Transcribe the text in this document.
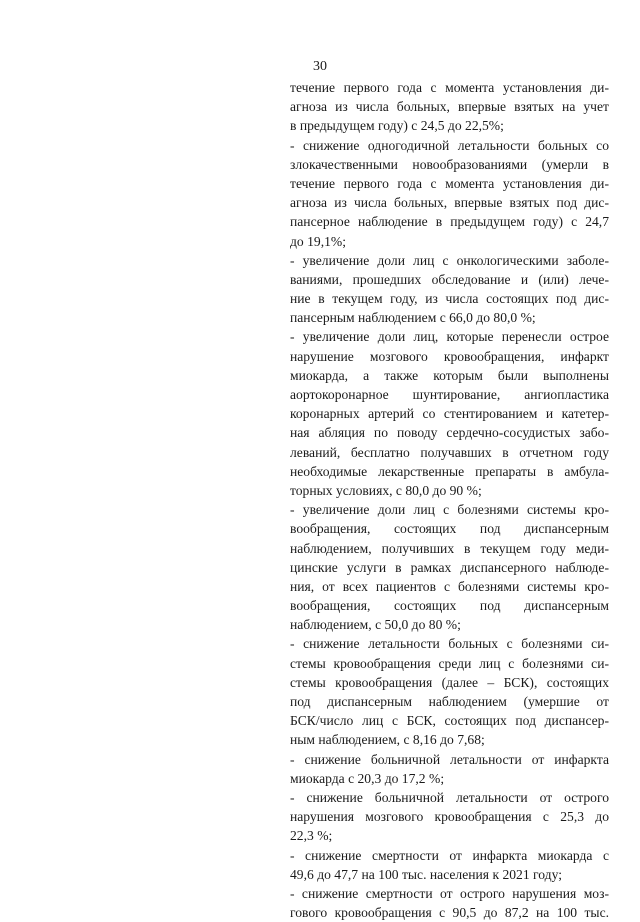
30
течение первого года с момента установления ди-
агноза из числа больных, впервые взятых на учет
в предыдущем году) с 24,5 до 22,5%;
- снижение одногодичной летальности больных со
злокачественными новообразованиями (умерли в
течение первого года с момента установления ди-
агноза из числа больных, впервые взятых под дис-
пансерное наблюдение в предыдущем году) с 24,7
до 19,1%;
- увеличение доли лиц с онкологическими заболе-
ваниями, прошедших обследование и (или) лече-
ние в текущем году, из числа состоящих под дис-
пансерным наблюдением с 66,0 до 80,0 %;
- увеличение доли лиц, которые перенесли острое
нарушение мозгового кровообращения, инфаркт
миокарда, а также которым были выполнены
аортокоронарное шунтирование, ангиопластика
коронарных артерий со стентированием и катетер-
ная абляция по поводу сердечно-сосудистых забо-
леваний, бесплатно получавших в отчетном году
необходимые лекарственные препараты в амбула-
торных условиях, с 80,0 до 90 %;
- увеличение доли лиц с болезнями системы кро-
вообращения, состоящих под диспансерным
наблюдением, получивших в текущем году меди-
цинские услуги в рамках диспансерного наблюде-
ния, от всех пациентов с болезнями системы кро-
вообращения, состоящих под диспансерным
наблюдением, с 50,0 до 80 %;
- снижение летальности больных с болезнями си-
стемы кровообращения среди лиц с болезнями си-
стемы кровообращения (далее – БСК), состоящих
под диспансерным наблюдением (умершие от
БСК/число лиц с БСК, состоящих под диспансер-
ным наблюдением, с 8,16 до 7,68;
- снижение больничной летальности от инфаркта
миокарда с 20,3 до 17,2 %;
- снижение больничной летальности от острого
нарушения мозгового кровообращения с 25,3 до
22,3 %;
- снижение смертности от инфаркта миокарда с
49,6 до 47,7 на 100 тыс. населения к 2021 году;
- снижение смертности от острого нарушения моз-
гового кровообращения с 90,5 до 87,2 на 100 тыс.
